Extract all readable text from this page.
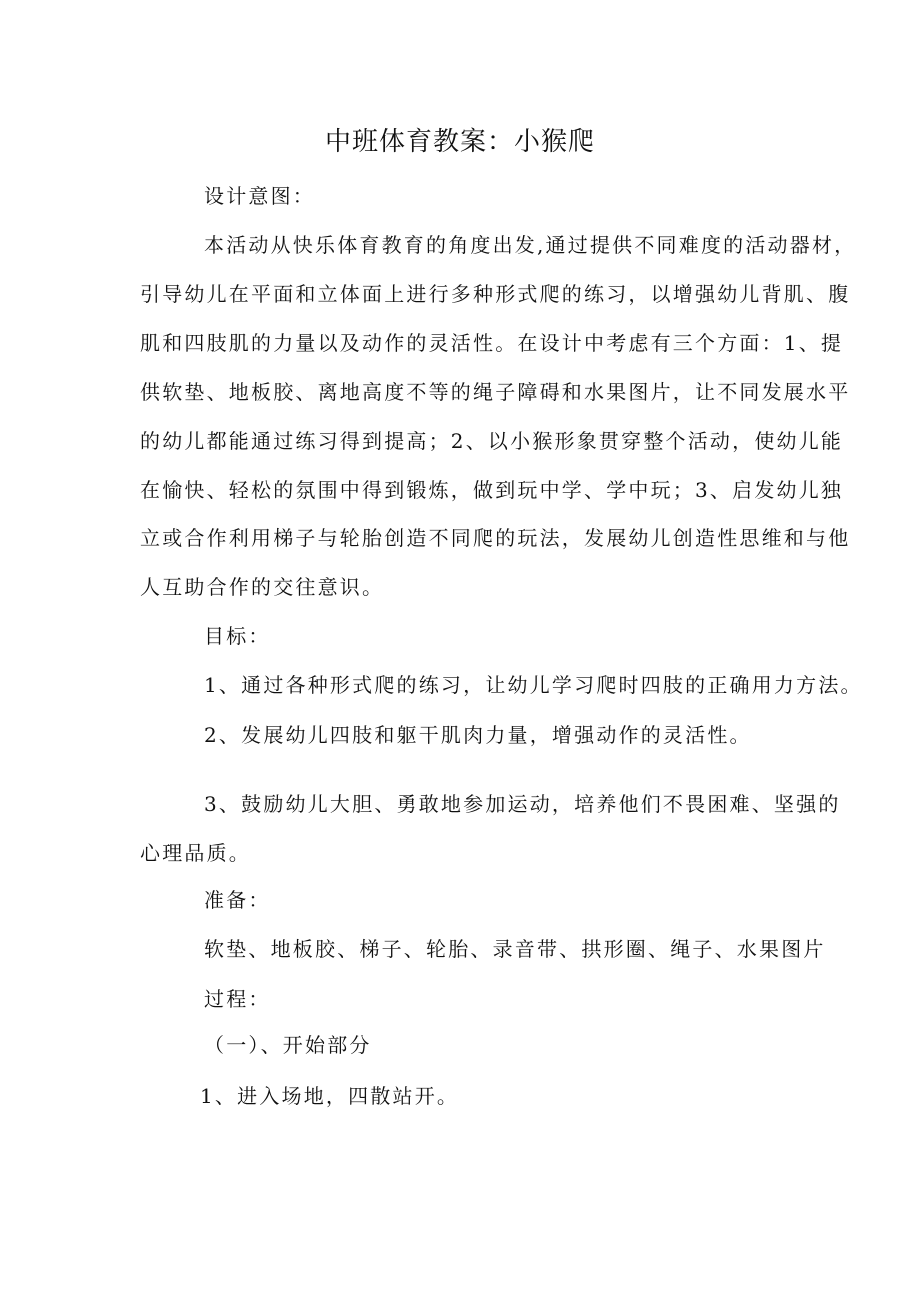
中班体育教案：小猴爬
设计意图：
本活动从快乐体育教育的角度出发,通过提供不同难度的活动器材，
引导幼儿在平面和立体面上进行多种形式爬的练习，以增强幼儿背肌、腹
肌和四肢肌的力量以及动作的灵活性。在设计中考虑有三个方面：1、提
供软垫、地板胶、离地高度不等的绳子障碍和水果图片，让不同发展水平
的幼儿都能通过练习得到提高；2、以小猴形象贯穿整个活动，使幼儿能
在愉快、轻松的氛围中得到锻炼，做到玩中学、学中玩；3、启发幼儿独
立或合作利用梯子与轮胎创造不同爬的玩法，发展幼儿创造性思维和与他
人互助合作的交往意识。
目标：
1、通过各种形式爬的练习，让幼儿学习爬时四肢的正确用力方法。
2、发展幼儿四肢和躯干肌肉力量，增强动作的灵活性。
3、鼓励幼儿大胆、勇敢地参加运动，培养他们不畏困难、坚强的
心理品质。
准备：
软垫、地板胶、梯子、轮胎、录音带、拱形圈、绳子、水果图片
过程：
（一）、开始部分
1、进入场地，四散站开。
